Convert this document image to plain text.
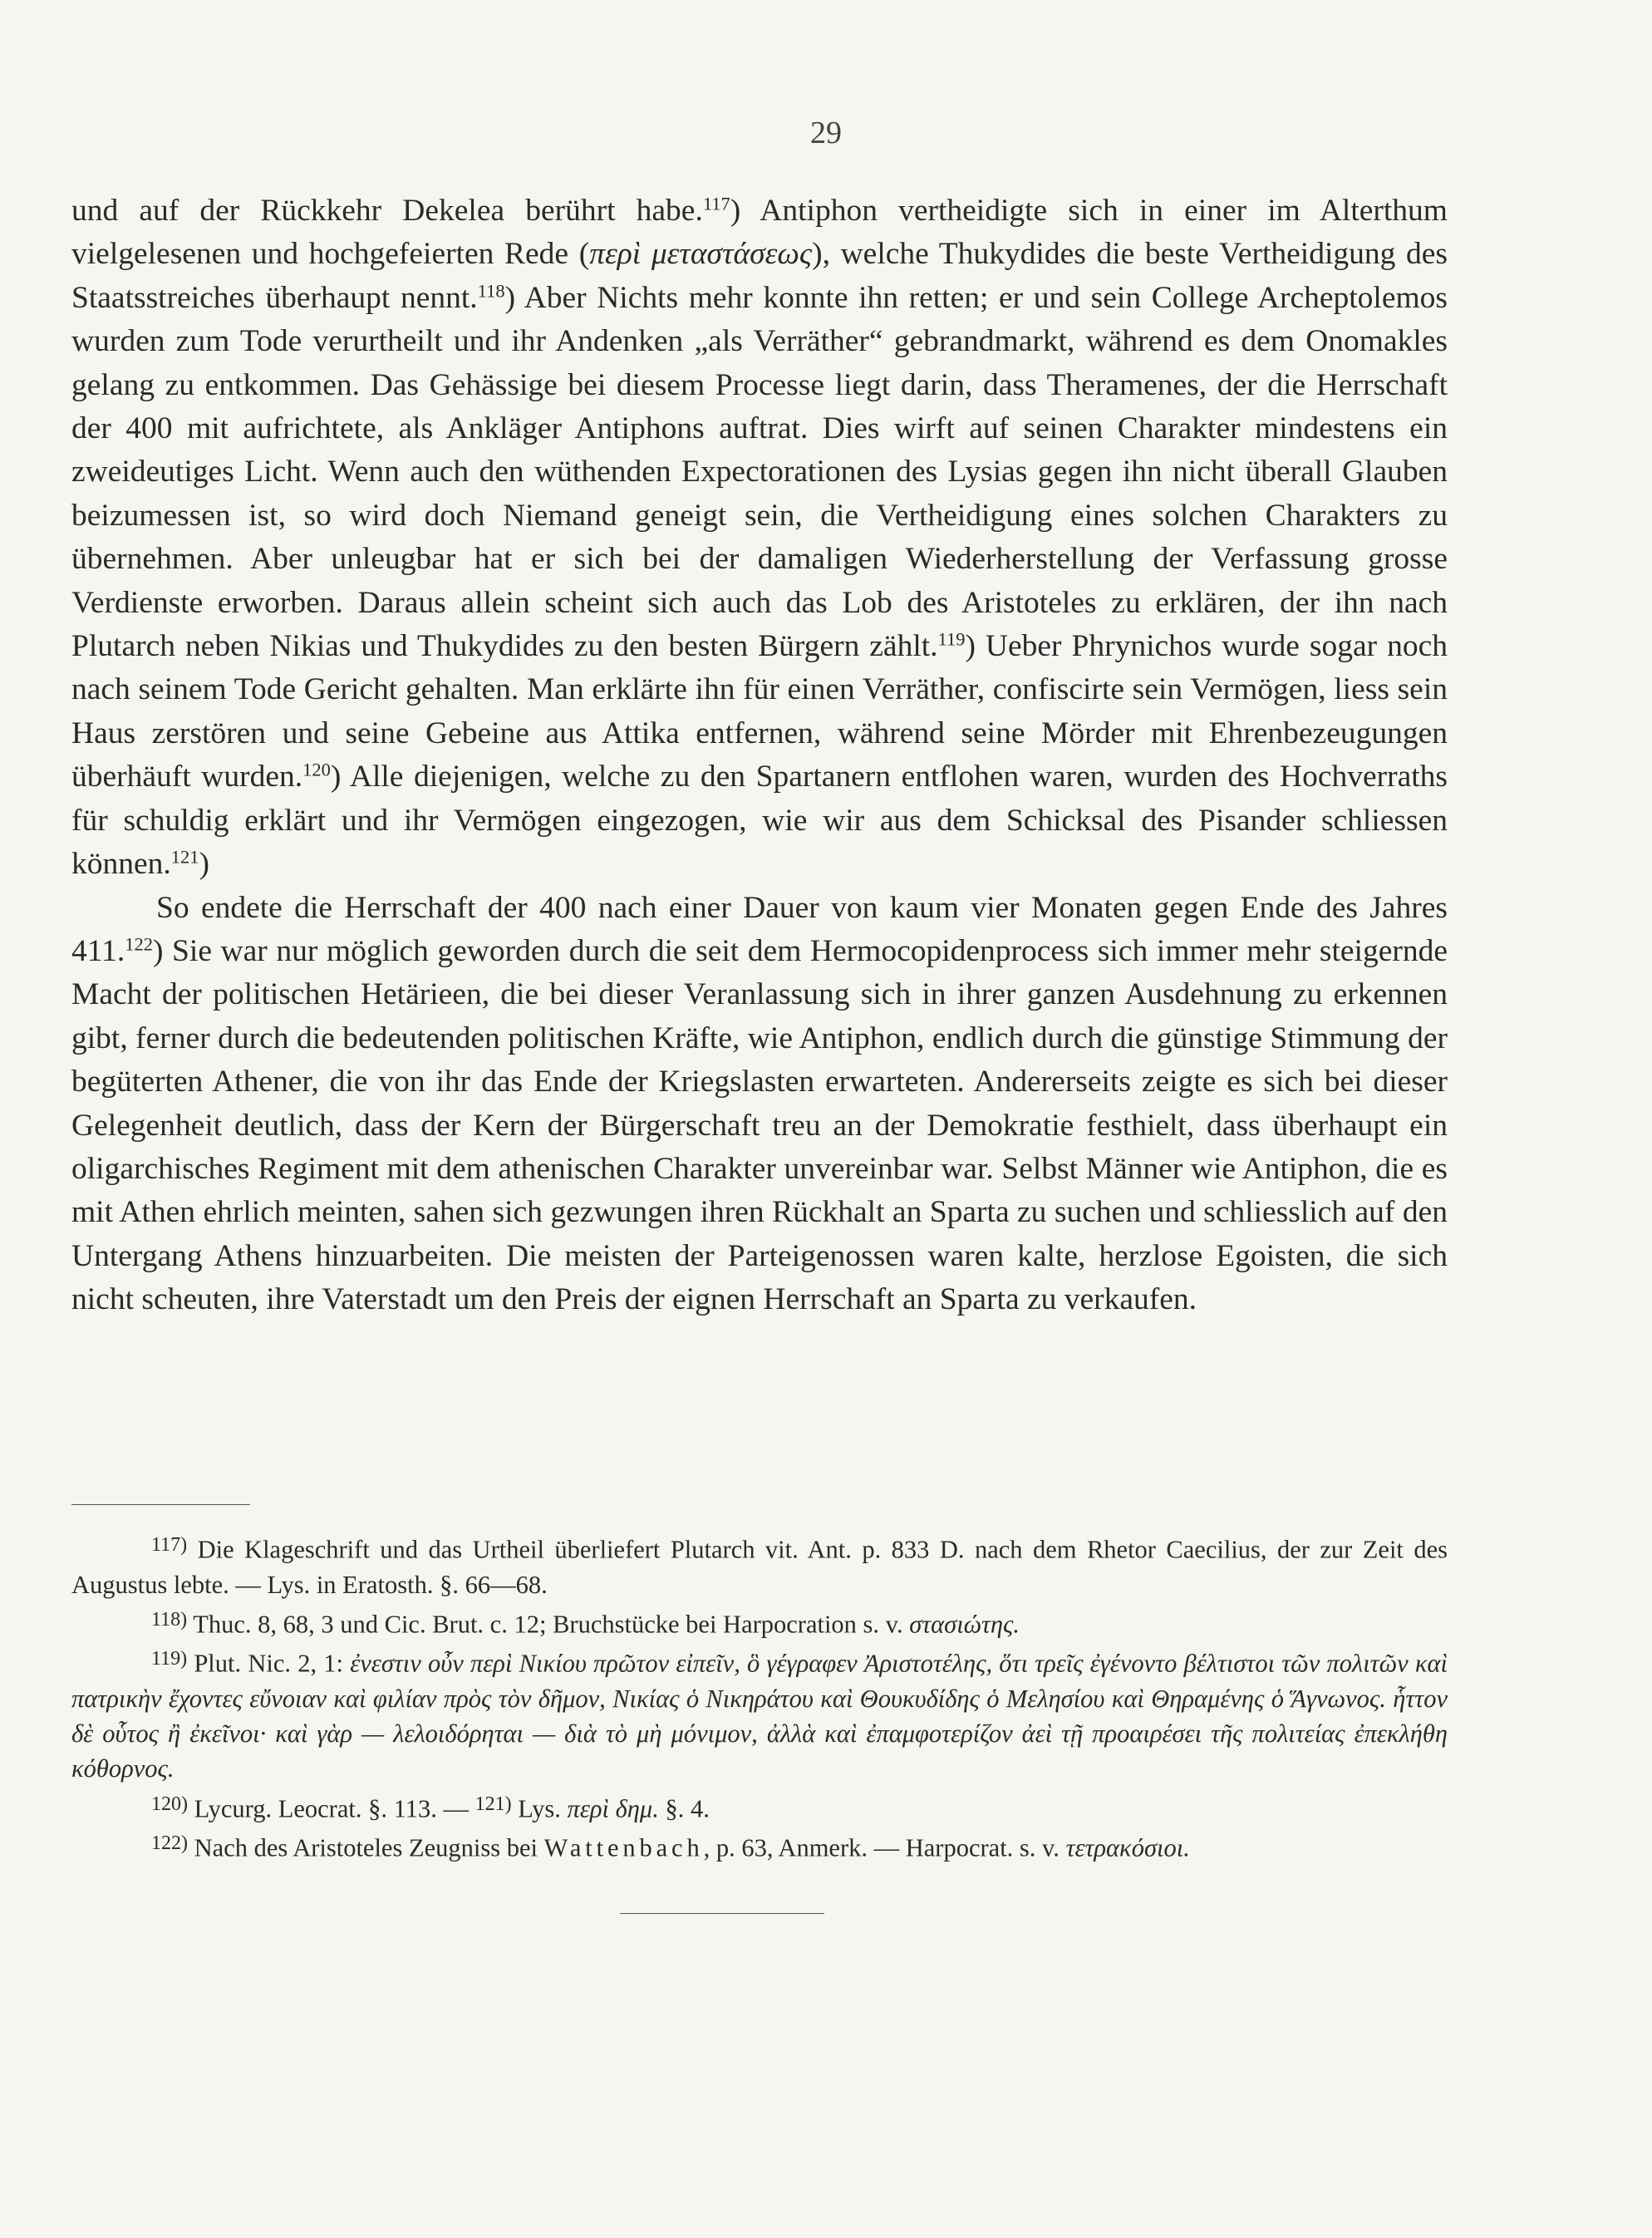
29

und auf der Rückkehr Dekelea berührt habe.$^{117}$) Antiphon vertheidigte sich in einer im Alterthum vielgelesenen und hochgefeierten Rede (περὶ μεταστάσεως), welche Thukydides die beste Vertheidigung des Staatsstreiches überhaupt nennt.$^{118}$) Aber Nichts mehr konnte ihn retten; er und sein College Archeptolemos wurden zum Tode verurtheilt und ihr Andenken „als Verräther“ gebrandmarkt, während es dem Onomakles gelang zu entkommen. Das Gehässige bei diesem Processe liegt darin, dass Theramenes, der die Herrschaft der 400 mit aufrichtete, als Ankläger Antiphons auftrat. Dies wirft auf seinen Charakter mindestens ein zweideutiges Licht. Wenn auch den wüthenden Expectorationen des Lysias gegen ihn nicht überall Glauben beizumessen ist, so wird doch Niemand geneigt sein, die Vertheidigung eines solchen Charakters zu übernehmen. Aber unleugbar hat er sich bei der damaligen Wiederherstellung der Verfassung grosse Verdienste erworben. Daraus allein scheint sich auch das Lob des Aristoteles zu erklären, der ihn nach Plutarch neben Nikias und Thukydides zu den besten Bürgern zählt.$^{119}$) Ueber Phrynichos wurde sogar noch nach seinem Tode Gericht gehalten. Man erklärte ihn für einen Verräther, confiscirte sein Vermögen, liess sein Haus zerstören und seine Gebeine aus Attika entfernen, während seine Mörder mit Ehrenbezeugungen überhäuft wurden.$^{120}$) Alle diejenigen, welche zu den Spartanern entflohen waren, wurden des Hochverraths für schuldig erklärt und ihr Vermögen eingezogen, wie wir aus dem Schicksal des Pisander schliessen können.$^{121}$)

So endete die Herrschaft der 400 nach einer Dauer von kaum vier Monaten gegen Ende des Jahres 411.$^{122}$) Sie war nur möglich geworden durch die seit dem Hermocopidenprocess sich immer mehr steigernde Macht der politischen Hetärieen, die bei dieser Veranlassung sich in ihrer ganzen Ausdehnung zu erkennen gibt, ferner durch die bedeutenden politischen Kräfte, wie Antiphon, endlich durch die günstige Stimmung der begüterten Athener, die von ihr das Ende der Kriegslasten erwarteten. Andererseits zeigte es sich bei dieser Gelegenheit deutlich, dass der Kern der Bürgerschaft treu an der Demokratie festhielt, dass überhaupt ein oligarchisches Regiment mit dem athenischen Charakter unvereinbar war. Selbst Männer wie Antiphon, die es mit Athen ehrlich meinten, sahen sich gezwungen ihren Rückhalt an Sparta zu suchen und schliesslich auf den Untergang Athens hinzuarbeiten. Die meisten der Parteigenossen waren kalte, herzlose Egoisten, die sich nicht scheuten, ihre Vaterstadt um den Preis der eignen Herrschaft an Sparta zu verkaufen.

$^{117)}$ Die Klageschrift und das Urtheil überliefert Plutarch vit. Ant. p. 833 D. nach dem Rhetor Caecilius, der zur Zeit des Augustus lebte. — Lys. in Eratosth. §. 66—68.

$^{118)}$ Thuc. 8, 68, 3 und Cic. Brut. c. 12; Bruchstücke bei Harpocration s. v. στασιώτης.

$^{119)}$ Plut. Nic. 2, 1: ἐνεστιν οὖν περὶ Νικίου πρῶτον εἰπεῖν, ὃ γέγραφεν Ἀριστοτέλης, ὅτι τρεῖς ἐγένοντο βέλτιστοι τῶν πολιτῶν καὶ πατρικὴν ἔχοντες εὔνοιαν καὶ φιλίαν πρὸς τὸν δῆμον, Νικίας ὁ Νικηράτου καὶ Θουκυδίδης ὁ Μελησίου καὶ Θηραμένης ὁ Ἅγνωνος. ἧττον δὲ οὗτος ἢ ἐκεῖνοι· καὶ γὰρ — λελοιδόρηται — διὰ τὸ μὴ μόνιμον, ἀλλὰ καὶ ἐπαμφοτερίζον ἀεὶ τῇ προαιρέσει τῆς πολιτείας ἐπεκλήθη κόθορνος.

$^{120)}$ Lycurg. Leocrat. §. 113. — $^{121)}$ Lys. περὶ δημ. §. 4.

$^{122)}$ Nach des Aristoteles Zeugniss bei Wattenbach, p. 63, Anmerk. — Harpocrat. s. v. τετρακόσιοι.
